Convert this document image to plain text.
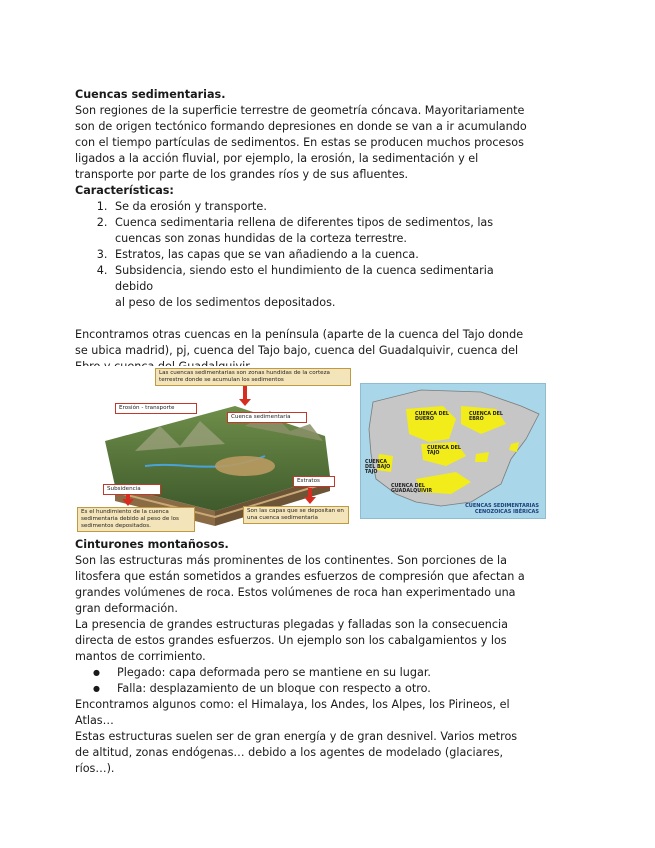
Cuencas sedimentarias.

Son regiones de la superficie terrestre de geometría cóncava. Mayoritariamente

son de origen tectónico formando depresiones en donde se van a ir acumulando

con el tiempo partículas de sedimentos. En estas se producen muchos procesos

ligados a la acción fluvial, por ejemplo, la erosión, la sedimentación y el

transporte por parte de los grandes ríos y de sus afluentes.

Características:

1. Se da erosión y transporte.
2. Cuenca sedimentaria rellena de diferentes tipos de sedimentos, las
cuencas son zonas hundidas de la corteza terrestre.
3. Estratos, las capas que se van añadiendo a la cuenca.
4. Subsidencia, siendo esto el hundimiento de la cuenca sedimentaria debido
al peso de los sedimentos depositados.

Encontramos otras cuencas en la península (aparte de la cuenca del Tajo donde

se ubica madrid), pj, cuenca del Tajo bajo, cuenca del Guadalquivir, cuenca del

Las cuencas sedimentarias son zonas hundidas de la corteza terrestre donde se acumulan los sedimentos
Erosión - transporte
Cuenca sedimentaria
Subsidencia
Es el hundimiento de la cuenca sedimentaria debido al peso de los sedimentos depositados.
Estratos
Son las capas que se depositan en una cuenca sedimentaria
CUENCA DEL DUERO
CUENCA DEL EBRO
CUENCA DEL TAJO
CUENCA DEL BAJO TAJO
CUENCA DEL GUADALQUIVIR
CUENCAS SEDIMENTARIAS
CENOZOICAS IBÉRICAS

Cinturones montañosos.

Son las estructuras más prominentes de los continentes. Son porciones de la

litosfera que están sometidos a grandes esfuerzos de compresión que afectan a

grandes volúmenes de roca. Estos volúmenes de roca han experimentado una

gran deformación.

La presencia de grandes estructuras plegadas y falladas son la consecuencia

directa de estos grandes esfuerzos. Un ejemplo son los cabalgamientos y los

mantos de corrimiento.

● Plegado: capa deformada pero se mantiene en su lugar.
● Falla: desplazamiento de un bloque con respecto a otro.

Encontramos algunos como: el Himalaya, los Andes, los Alpes, los Pirineos, el

Atlas…

Estas estructuras suelen ser de gran energía y de gran desnivel. Varios metros

de altitud, zonas endógenas… debido a los agentes de modelado (glaciares,

ríos…).
